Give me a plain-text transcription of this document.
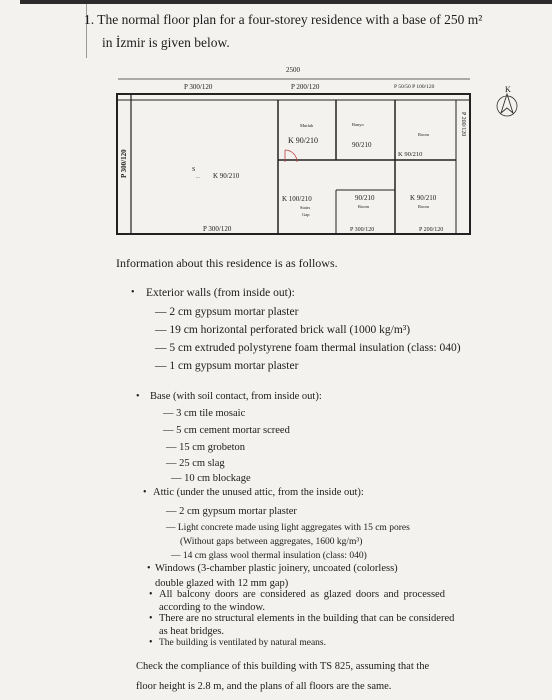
1. The normal floor plan for a four-storey residence with a base of 250 m²
in İzmir is given below.
2500
P 300/120	P 200/120	P 50/50 P 100/120
P 200/120
P 300/120
Mutfak
K 90/210
Banyo
90/210
Room
K 90/210
S
... K 90/210
K 100/210
Stairs
Gap
90/210
Room
K 90/210
Room
P 300/120	P 300/120	P 200/120
K
Information about this residence is as follows.
• Exterior walls (from inside out):
— 2 cm gypsum mortar plaster
— 19 cm horizontal perforated brick wall (1000 kg/m³)
— 5 cm extruded polystyrene foam thermal insulation (class: 040)
— 1 cm gypsum mortar plaster
• Base (with soil contact, from inside out):
— 3 cm tile mosaic
— 5 cm cement mortar screed
— 15 cm grobeton
— 25 cm slag
— 10 cm blockage
• Attic (under the unused attic, from the inside out):
— 2 cm gypsum mortar plaster
— Light concrete made using light aggregates with 15 cm pores
(Without gaps between aggregates, 1600 kg/m³)
— 14 cm glass wool thermal insulation (class: 040)
• Windows (3-chamber plastic joinery, uncoated (colorless)
double glazed with 12 mm gap)
• All balcony doors are considered as glazed doors and processed
according to the window.
• There are no structural elements in the building that can be considered
as heat bridges.
• The building is ventilated by natural means.
Check the compliance of this building with TS 825, assuming that the
floor height is 2.8 m, and the plans of all floors are the same.
